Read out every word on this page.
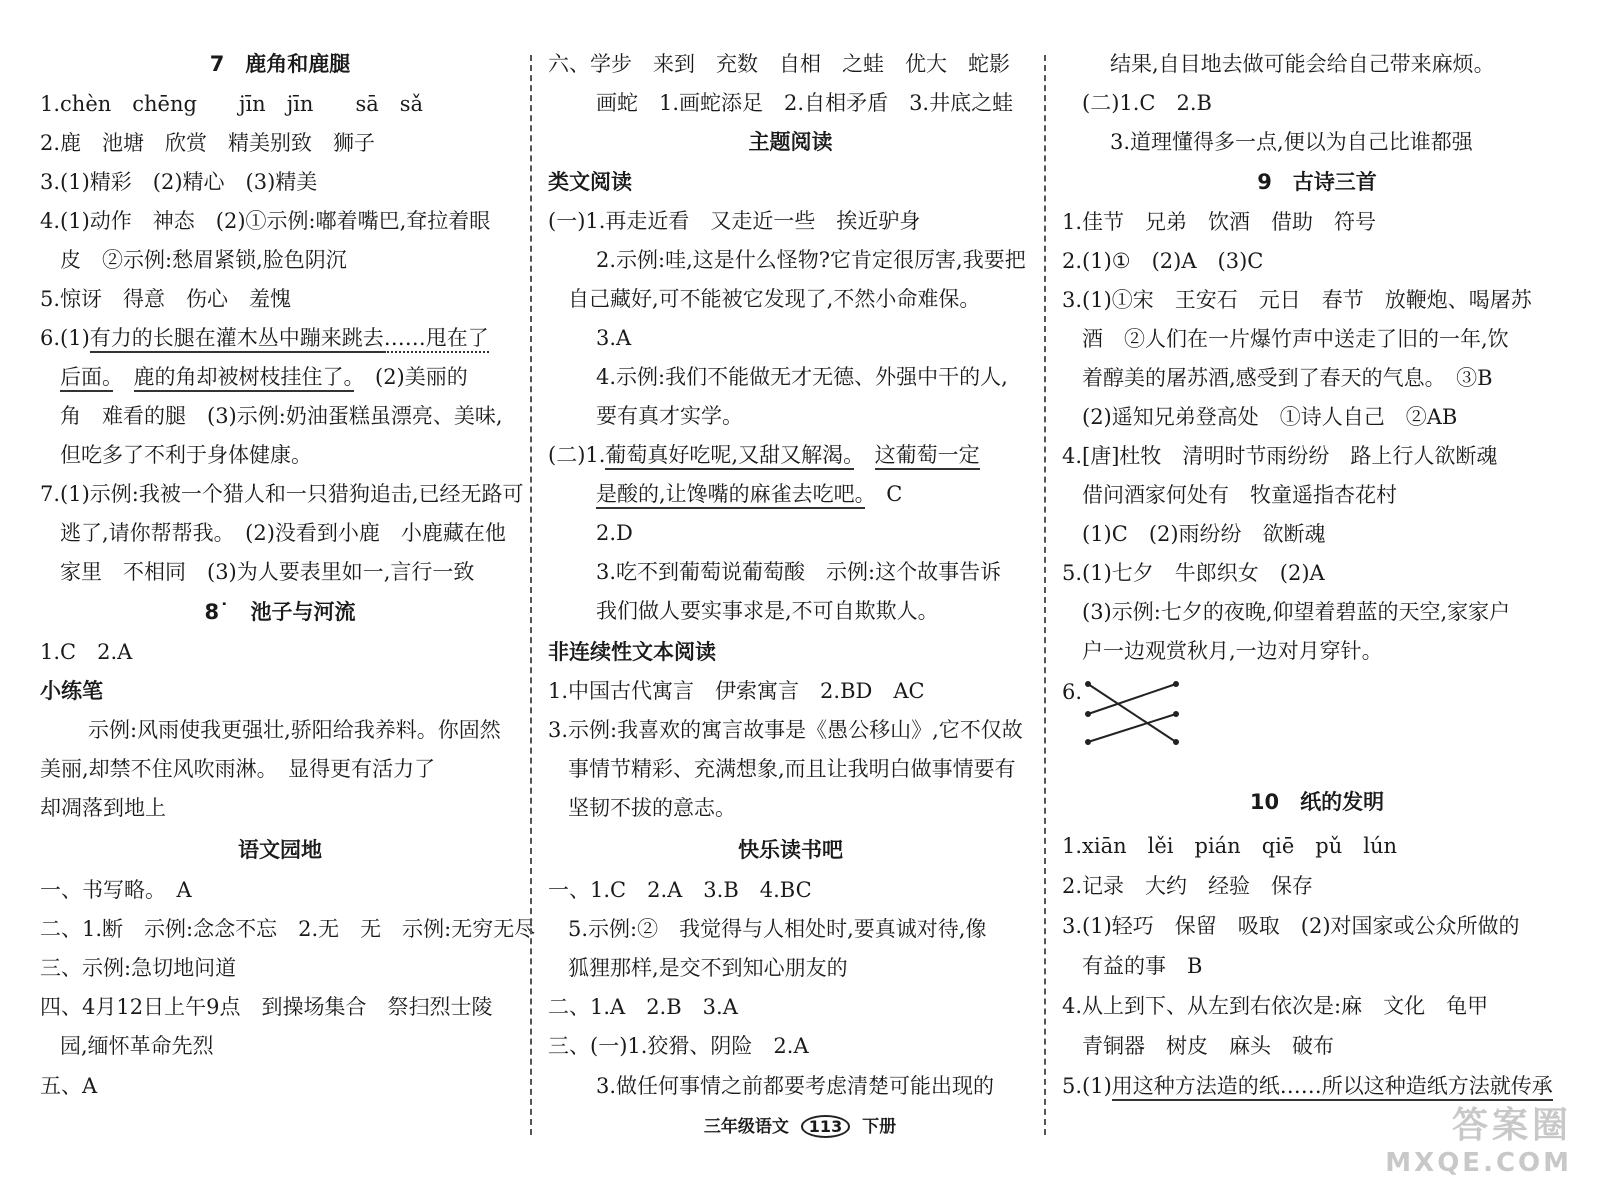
7　鹿角和鹿腿
1.chèn　chēng　　jīn　jīn　　sā　sǎ
2.鹿　池塘　欣赏　精美别致　狮子
3.(1)精彩　(2)精心　(3)精美
4.(1)动作　神态　(2)①示例:嘟着嘴巴,耷拉着眼
皮　②示例:愁眉紧锁,脸色阴沉
5.惊讶　得意　伤心　羞愧
6.(1)有力的长腿在灌木丛中蹦来跳去……甩在了
后面。　 鹿的角却被树枝挂住了。　 (2)美丽的
角　难看的腿　(3)示例:奶油蛋糕虽漂亮、美味,
但吃多了不利于身体健康。
7.(1)示例:我被一个猎人和一只猎狗追击,已经无路可
逃了,请你帮帮我。　(2)没看到小鹿　小鹿藏在他
家里　不相同　(3)为人要表里如一,言行一致
8˙　池子与河流
1.C　2.A
小练笔
示例:风雨使我更强壮,骄阳给我养料。你固然
美丽,却禁不住风吹雨淋。　显得更有活力了
却凋落到地上
语文园地
一、书写略。　A
二、1.断　示例:念念不忘　2.无　无　示例:无穷无尽
三、示例:急切地问道
四、4月12日上午9点　到操场集合　祭扫烈士陵
园,缅怀革命先烈
五、A
六、学步　来到　充数　自相　之蛙　优大　蛇影
画蛇　1.画蛇添足　2.自相矛盾　3.井底之蛙
主题阅读
类文阅读
(一)1.再走近看　又走近一些　挨近驴身
2.示例:哇,这是什么怪物?它肯定很厉害,我要把
自己藏好,可不能被它发现了,不然小命难保。
3.A
4.示例:我们不能做无才无德、外强中干的人,
要有真才实学。
(二)1.葡萄真好吃呢,又甜又解渴。　 这葡萄一定
是酸的,让馋嘴的麻雀去吃吧。　 C
2.D
3.吃不到葡萄说葡萄酸　示例:这个故事告诉
我们做人要实事求是,不可自欺欺人。
非连续性文本阅读
1.中国古代寓言　伊索寓言　2.BD　AC
3.示例:我喜欢的寓言故事是《愚公移山》,它不仅故
事情节精彩、充满想象,而且让我明白做事情要有
坚韧不拔的意志。
快乐读书吧
一、1.C　2.A　3.B　4.BC
5.示例:②　我觉得与人相处时,要真诚对待,像
狐狸那样,是交不到知心朋友的
二、1.A　2.B　3.A
三、(一)1.狡猾、阴险　2.A
3.做任何事情之前都要考虑清楚可能出现的
结果,自目地去做可能会给自己带来麻烦。
(二)1.C　2.B
3.道理懂得多一点,便以为自己比谁都强
9　古诗三首
1.佳节　兄弟　饮酒　借助　符号
2.(1)①　(2)A　(3)C
3.(1)①宋　王安石　元日　春节　放鞭炮、喝屠苏
酒　②人们在一片爆竹声中送走了旧的一年,饮
着醇美的屠苏酒,感受到了春天的气息。　③B
(2)遥知兄弟登高处　①诗人自己　②AB
4.[唐]杜牧　清明时节雨纷纷　路上行人欲断魂
借问酒家何处有　牧童遥指杏花村
(1)C　(2)雨纷纷　欲断魂
5.(1)七夕　牛郎织女　(2)A
(3)示例:七夕的夜晚,仰望着碧蓝的天空,家家户
户一边观赏秋月,一边对月穿针。
6.
10　纸的发明
1.xiān　lěi　pián　qiē　pǔ　lún
2.记录　大约　经验　保存
3.(1)轻巧　保留　吸取　(2)对国家或公众所做的
有益的事　B
4.从上到下、从左到右依次是:麻　文化　龟甲
青铜器　树皮　麻头　破布
5.(1)用这种方法造的纸……所以这种造纸方法就传承
三年级语文 113 下册	答案圈
MXQE.COM
